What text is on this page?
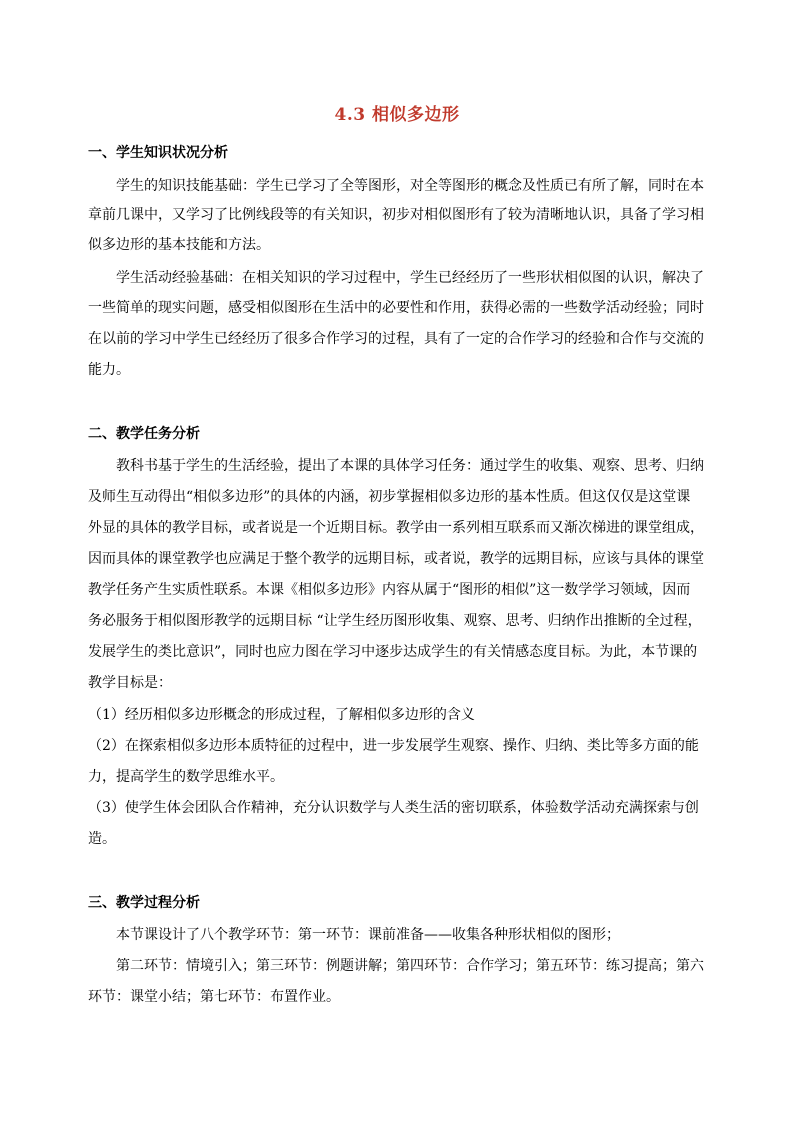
4.3 相似多边形
一、学生知识状况分析
学生的知识技能基础：学生已学习了全等图形，对全等图形的概念及性质已有所了解，同时在本
章前几课中，又学习了比例线段等的有关知识，初步对相似图形有了较为清晰地认识，具备了学习相
似多边形的基本技能和方法。
学生活动经验基础：在相关知识的学习过程中，学生已经经历了一些形状相似图的认识，解决了
一些简单的现实问题，感受相似图形在生活中的必要性和作用，获得必需的一些数学活动经验；同时
在以前的学习中学生已经经历了很多合作学习的过程，具有了一定的合作学习的经验和合作与交流的
能力。
二、教学任务分析
教科书基于学生的生活经验，提出了本课的具体学习任务：通过学生的收集、观察、思考、归纳
及师生互动得出“相似多边形”的具体的内涵，初步掌握相似多边形的基本性质。但这仅仅是这堂课
外显的具体的教学目标，或者说是一个近期目标。教学由一系列相互联系而又渐次梯进的课堂组成，
因而具体的课堂教学也应满足于整个教学的远期目标，或者说，教学的远期目标，应该与具体的课堂
教学任务产生实质性联系。本课《相似多边形》内容从属于“图形的相似”这一数学学习领域，因而
务必服务于相似图形教学的远期目标 “让学生经历图形收集、观察、思考、归纳作出推断的全过程，
发展学生的类比意识”，同时也应力图在学习中逐步达成学生的有关情感态度目标。为此，本节课的
教学目标是：
（1）经历相似多边形概念的形成过程，了解相似多边形的含义
（2）在探索相似多边形本质特征的过程中，进一步发展学生观察、操作、归纳、类比等多方面的能
力，提高学生的数学思维水平。
（3）使学生体会团队合作精神，充分认识数学与人类生活的密切联系，体验数学活动充满探索与创
造。
三、教学过程分析
本节课设计了八个教学环节：第一环节：课前准备——收集各种形状相似的图形；
第二环节：情境引入；第三环节：例题讲解；第四环节：合作学习；第五环节：练习提高；第六
环节：课堂小结；第七环节：布置作业。
